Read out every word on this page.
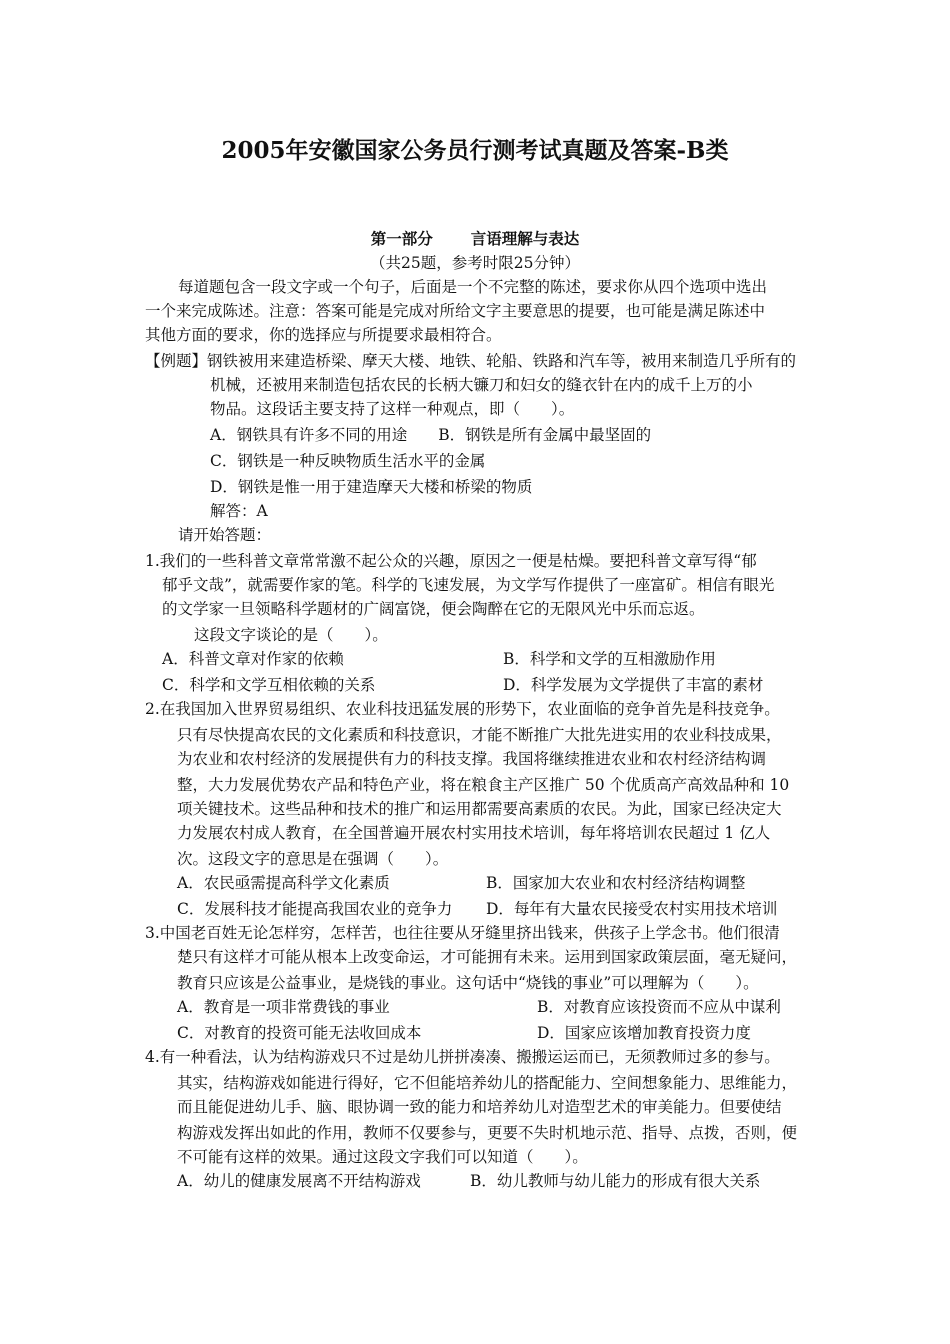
2005年安徽国家公务员行测考试真题及答案-B类
第一部分 言语理解与表达
（共25题，参考时限25分钟）
每道题包含一段文字或一个句子，后面是一个不完整的陈述，要求你从四个选项中选出
一个来完成陈述。注意：答案可能是完成对所给文字主要意思的提要，也可能是满足陈述中
其他方面的要求，你的选择应与所提要求最相符合。
【例题】钢铁被用来建造桥梁、摩天大楼、地铁、轮船、铁路和汽车等，被用来制造几乎所有的
机械，还被用来制造包括农民的长柄大镰刀和妇女的缝衣针在内的成千上万的小
物品。这段话主要支持了这样一种观点，即（　　）。
A．钢铁具有许多不同的用途　　B．钢铁是所有金属中最坚固的
C．钢铁是一种反映物质生活水平的金属
D．钢铁是惟一用于建造摩天大楼和桥梁的物质
解答：A
请开始答题：
1.我们的一些科普文章常常激不起公众的兴趣，原因之一便是枯燥。要把科普文章写得“郁
郁乎文哉”，就需要作家的笔。科学的飞速发展，为文学写作提供了一座富矿。相信有眼光
的文学家一旦领略科学题材的广阔富饶，便会陶醉在它的无限风光中乐而忘返。
这段文字谈论的是（　　）。
A．科普文章对作家的依赖	B．科学和文学的互相激励作用
C．科学和文学互相依赖的关系	D．科学发展为文学提供了丰富的素材
2.在我国加入世界贸易组织、农业科技迅猛发展的形势下，农业面临的竞争首先是科技竞争。
只有尽快提高农民的文化素质和科技意识，才能不断推广大批先进实用的农业科技成果，
为农业和农村经济的发展提供有力的科技支撑。我国将继续推进农业和农村经济结构调
整，大力发展优势农产品和特色产业，将在粮食主产区推广 50 个优质高产高效品种和 10
项关键技术。这些品种和技术的推广和运用都需要高素质的农民。为此，国家已经决定大
力发展农村成人教育，在全国普遍开展农村实用技术培训，每年将培训农民超过 1 亿人
次。这段文字的意思是在强调（　　）。
A．农民亟需提高科学文化素质	B．国家加大农业和农村经济结构调整
C．发展科技才能提高我国农业的竞争力 D．每年有大量农民接受农村实用技术培训
3.中国老百姓无论怎样穷，怎样苦，也往往要从牙缝里挤出钱来，供孩子上学念书。他们很清
楚只有这样才可能从根本上改变命运，才可能拥有未来。运用到国家政策层面，毫无疑问，
教育只应该是公益事业，是烧钱的事业。这句话中“烧钱的事业”可以理解为（　　）。
A．教育是一项非常费钱的事业	B．对教育应该投资而不应从中谋利
C．对教育的投资可能无法收回成本	D．国家应该增加教育投资力度
4.有一种看法，认为结构游戏只不过是幼儿拼拼凑凑、搬搬运运而已，无须教师过多的参与。
其实，结构游戏如能进行得好，它不但能培养幼儿的搭配能力、空间想象能力、思维能力，
而且能促进幼儿手、脑、眼协调一致的能力和培养幼儿对造型艺术的审美能力。但要使结
构游戏发挥出如此的作用，教师不仅要参与，更要不失时机地示范、指导、点拨，否则，便
不可能有这样的效果。通过这段文字我们可以知道（　　）。
A．幼儿的健康发展离不开结构游戏	B．幼儿教师与幼儿能力的形成有很大关系
